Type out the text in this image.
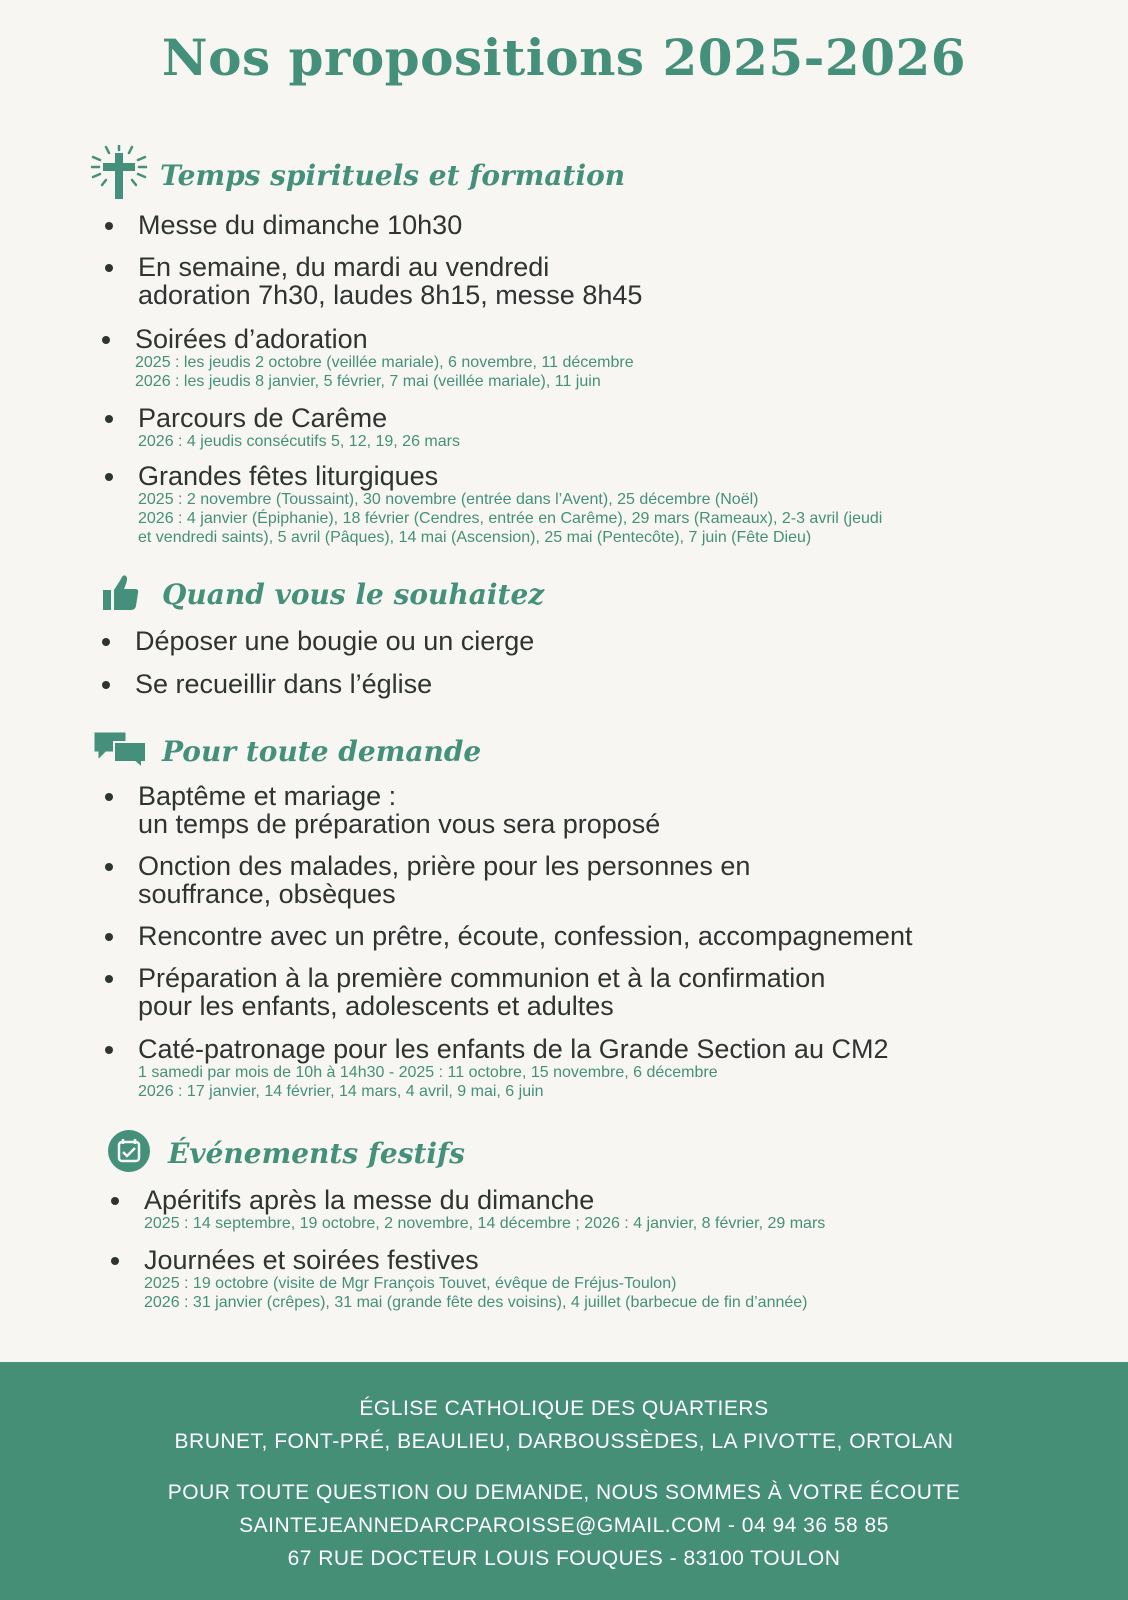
Nos propositions 2025-2026
Temps spirituels et formation
Messe du dimanche 10h30
En semaine, du mardi au vendredi
adoration 7h30, laudes 8h15, messe 8h45
Soirées d’adoration
2025 : les jeudis 2 octobre (veillée mariale), 6 novembre, 11 décembre
2026 : les jeudis 8 janvier, 5 février, 7 mai (veillée mariale), 11 juin
Parcours de Carême
2026 : 4 jeudis consécutifs 5, 12, 19, 26 mars
Grandes fêtes liturgiques
2025 : 2 novembre (Toussaint), 30 novembre (entrée dans l’Avent), 25 décembre (Noël)
2026 : 4 janvier (Épiphanie), 18 février (Cendres, entrée en Carême), 29 mars (Rameaux), 2-3 avril (jeudi
et vendredi saints), 5 avril (Pâques), 14 mai (Ascension), 25 mai (Pentecôte), 7 juin (Fête Dieu)
Quand vous le souhaitez
Déposer une bougie ou un cierge
Se recueillir dans l’église
Pour toute demande
Baptême et mariage :
un temps de préparation vous sera proposé
Onction des malades, prière pour les personnes en
souffrance, obsèques
Rencontre avec un prêtre, écoute, confession, accompagnement
Préparation à la première communion et à la confirmation
pour les enfants, adolescents et adultes
Caté-patronage pour les enfants de la Grande Section au CM2
1 samedi par mois de 10h à 14h30 - 2025 : 11 octobre, 15 novembre, 6 décembre
2026 : 17 janvier, 14 février, 14 mars, 4 avril, 9 mai, 6 juin
Événements festifs
Apéritifs après la messe du dimanche
2025 : 14 septembre, 19 octobre, 2 novembre, 14 décembre ; 2026 : 4 janvier, 8 février, 29 mars
Journées et soirées festives
2025 : 19 octobre (visite de Mgr François Touvet, évêque de Fréjus-Toulon)
2026 : 31 janvier (crêpes), 31 mai (grande fête des voisins), 4 juillet (barbecue de fin d’année)
ÉGLISE CATHOLIQUE DES QUARTIERS
BRUNET, FONT-PRÉ, BEAULIEU, DARBOUSSÈDES, LA PIVOTTE, ORTOLAN
POUR TOUTE QUESTION OU DEMANDE, NOUS SOMMES À VOTRE ÉCOUTE
SAINTEJEANNEDARCPAROISSE@GMAIL.COM - 04 94 36 58 85
67 RUE DOCTEUR LOUIS FOUQUES - 83100 TOULON
